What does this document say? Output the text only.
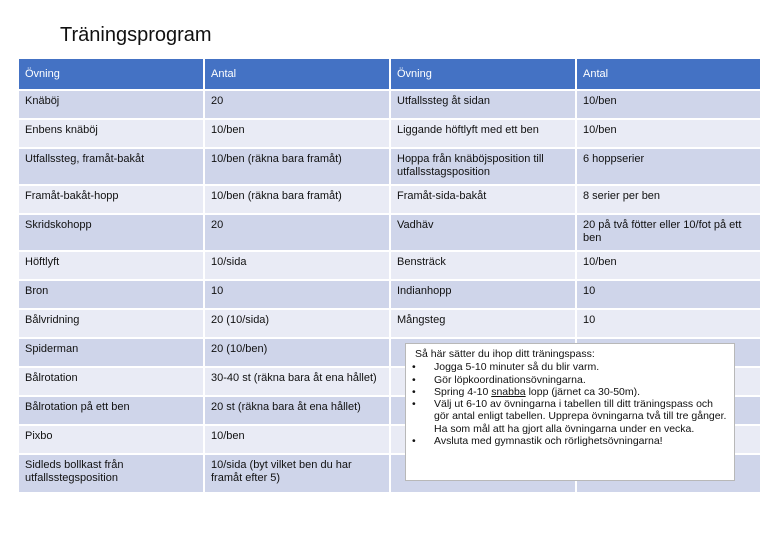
Träningsprogram
Övning	Antal	Övning	Antal
Knäböj	20	Utfallssteg åt sidan	10/ben
Enbens knäböj	10/ben	Liggande höftlyft med ett ben	10/ben
Utfallssteg, framåt-bakåt	10/ben (räkna bara framåt)	Hoppa från knäböjsposition till utfallsstagsposition	6 hoppserier
Framåt-bakåt-hopp	10/ben (räkna bara framåt)	Framåt-sida-bakåt	8 serier per ben
Skridskohopp	20	Vadhäv	20 på två fötter eller 10/fot på ett ben
Höftlyft	10/sida	Bensträck	10/ben
Bron	10	Indianhopp	10
Bålvridning	20 (10/sida)	Mångsteg	10
Spiderman	20 (10/ben)		
Bålrotation	30-40 st (räkna bara åt ena hållet)		
Bålrotation på ett ben	20 st (räkna bara åt ena hållet)		
Pixbo	10/ben		
Sidleds bollkast från utfallsstegsposition	10/sida (byt vilket ben du har framåt efter 5)		
Så här sätter du ihop ditt träningspass:
• Jogga 5-10 minuter så du blir varm.
• Gör löpkoordinationsövningarna.
• Spring 4-10 snabba lopp (järnet ca 30-50m).
• Välj ut 6-10 av övningarna i tabellen till ditt träningspass och gör antal enligt tabellen. Upprepa övningarna två till tre gånger. Ha som mål att ha gjort alla övningarna under en vecka.
• Avsluta med gymnastik och rörlighetsövningarna!
